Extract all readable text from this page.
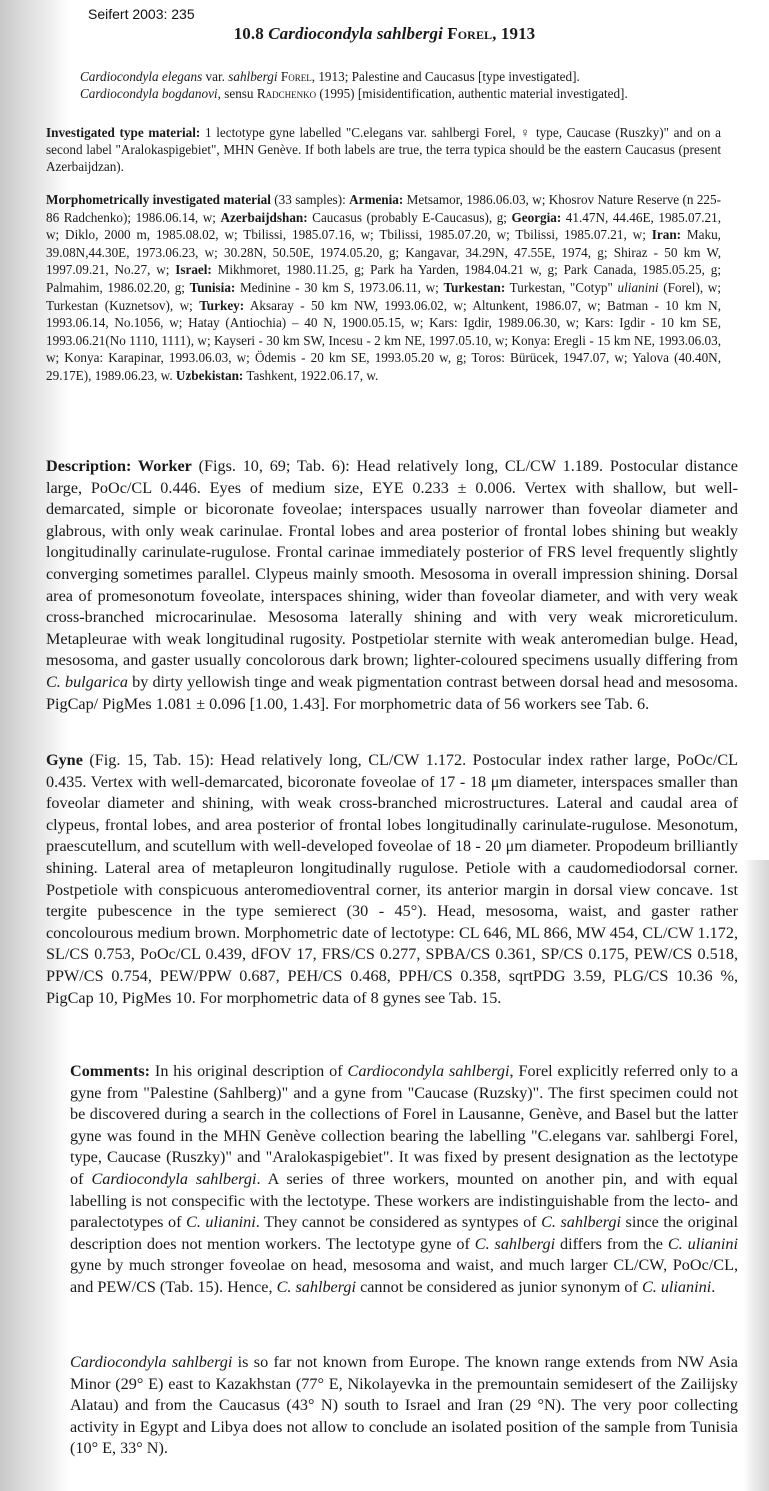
Seifert 2003: 235

10.8 Cardiocondyla sahlbergi Forel, 1913

Cardiocondyla elegans var. sahlbergi Forel, 1913; Palestine and Caucasus [type investigated].

Cardiocondyla bogdanovi, sensu Radchenko (1995) [misidentification, authentic material investigated].

Investigated type material: 1 lectotype gyne labelled "C.elegans var. sahlbergi Forel, ♀ type, Caucase (Ruszky)" and on a second label "Aralokaspigebiet", MHN Genève. If both labels are true, the terra typica should be the eastern Caucasus (present Azerbaijdzan).

Morphometrically investigated material (33 samples): Armenia: Metsamor, 1986.06.03, w; Khosrov Nature Reserve (n 225-86 Radchenko); 1986.06.14, w; Azerbaijdshan: Caucasus (probably E-Caucasus), g; Georgia: 41.47N, 44.46E, 1985.07.21, w; Diklo, 2000 m, 1985.08.02, w; Tbilissi, 1985.07.16, w; Tbilissi, 1985.07.20, w; Tbilissi, 1985.07.21, w; Iran: Maku, 39.08N,44.30E, 1973.06.23, w; 30.28N, 50.50E, 1974.05.20, g; Kangavar, 34.29N, 47.55E, 1974, g; Shiraz - 50 km W, 1997.09.21, No.27, w; Israel: Mikhmoret, 1980.11.25, g; Park ha Yarden, 1984.04.21 w, g; Park Canada, 1985.05.25, g; Palmahim, 1986.02.20, g; Tunisia: Medinine - 30 km S, 1973.06.11, w; Turkestan: Turkestan, "Cotyp" ulianini (Forel), w; Turkestan (Kuznetsov), w; Turkey: Aksaray - 50 km NW, 1993.06.02, w; Altunkent, 1986.07, w; Batman - 10 km N, 1993.06.14, No.1056, w; Hatay (Antiochia) – 40 N, 1900.05.15, w; Kars: Igdir, 1989.06.30, w; Kars: Igdir - 10 km SE, 1993.06.21(No 1110, 1111), w; Kayseri - 30 km SW, Incesu - 2 km NE, 1997.05.10, w; Konya: Eregli - 15 km NE, 1993.06.03, w; Konya: Karapinar, 1993.06.03, w; Ödemis - 20 km SE, 1993.05.20 w, g; Toros: Bürücek, 1947.07, w; Yalova (40.40N, 29.17E), 1989.06.23, w. Uzbekistan: Tashkent, 1922.06.17, w.

Description: Worker (Figs. 10, 69; Tab. 6): Head relatively long, CL/CW 1.189. Postocular distance large, PoOc/CL 0.446. Eyes of medium size, EYE 0.233 ± 0.006. Vertex with shallow, but well-demarcated, simple or bicoronate foveolae; interspaces usually narrower than foveolar diameter and glabrous, with only weak carinulae. Frontal lobes and area posterior of frontal lobes shining but weakly longitudinally carinulate-rugulose. Frontal carinae immediately posterior of FRS level frequently slightly converging sometimes parallel. Clypeus mainly smooth. Mesosoma in overall impression shining. Dorsal area of promesonotum foveolate, interspaces shining, wider than foveolar diameter, and with very weak cross-branched microcarinulae. Mesosoma laterally shining and with very weak microreticulum. Metapleurae with weak longitudinal rugosity. Postpetiolar sternite with weak anteromedian bulge. Head, mesosoma, and gaster usually concolorous dark brown; lighter-coloured specimens usually differing from C. bulgarica by dirty yellowish tinge and weak pigmentation contrast between dorsal head and mesosoma. PigCap/ PigMes 1.081 ± 0.096 [1.00, 1.43]. For morphometric data of 56 workers see Tab. 6.

Gyne (Fig. 15, Tab. 15): Head relatively long, CL/CW 1.172. Postocular index rather large, PoOc/CL 0.435. Vertex with well-demarcated, bicoronate foveolae of 17 - 18 μm diameter, interspaces smaller than foveolar diameter and shining, with weak cross-branched microstructures. Lateral and caudal area of clypeus, frontal lobes, and area posterior of frontal lobes longitudinally carinulate-rugulose. Mesonotum, praescutellum, and scutellum with well-developed foveolae of 18 - 20 μm diameter. Propodeum brilliantly shining. Lateral area of metapleuron longitudinally rugulose. Petiole with a caudomediodorsal corner. Postpetiole with conspicuous anteromedioventral corner, its anterior margin in dorsal view concave. 1st tergite pubescence in the type semierect (30 - 45°). Head, mesosoma, waist, and gaster rather concolourous medium brown. Morphometric date of lectotype: CL 646, ML 866, MW 454, CL/CW 1.172, SL/CS 0.753, PoOc/CL 0.439, dFOV 17, FRS/CS 0.277, SPBA/CS 0.361, SP/CS 0.175, PEW/CS 0.518, PPW/CS 0.754, PEW/PPW 0.687, PEH/CS 0.468, PPH/CS 0.358, sqrtPDG 3.59, PLG/CS 10.36 %, PigCap 10, PigMes 10. For morphometric data of 8 gynes see Tab. 15.

Comments: In his original description of Cardiocondyla sahlbergi, Forel explicitly referred only to a gyne from "Palestine (Sahlberg)" and a gyne from "Caucase (Ruzsky)". The first specimen could not be discovered during a search in the collections of Forel in Lausanne, Genève, and Basel but the latter gyne was found in the MHN Genève collection bearing the labelling "C.elegans var. sahlbergi Forel, type, Caucase (Ruszky)" and "Aralokaspigebiet". It was fixed by present designation as the lectotype of Cardiocondyla sahlbergi. A series of three workers, mounted on another pin, and with equal labelling is not conspecific with the lectotype. These workers are indistinguishable from the lecto- and paralectotypes of C. ulianini. They cannot be considered as syntypes of C. sahlbergi since the original description does not mention workers. The lectotype gyne of C. sahlbergi differs from the C. ulianini gyne by much stronger foveolae on head, mesosoma and waist, and much larger CL/CW, PoOc/CL, and PEW/CS (Tab. 15). Hence, C. sahlbergi cannot be considered as junior synonym of C. ulianini.

Cardiocondyla sahlbergi is so far not known from Europe. The known range extends from NW Asia Minor (29° E) east to Kazakhstan (77° E, Nikolayevka in the premountain semidesert of the Zailijsky Alatau) and from the Caucasus (43° N) south to Israel and Iran (29 °N). The very poor collecting activity in Egypt and Libya does not allow to conclude an isolated position of the sample from Tunisia (10° E, 33° N).
